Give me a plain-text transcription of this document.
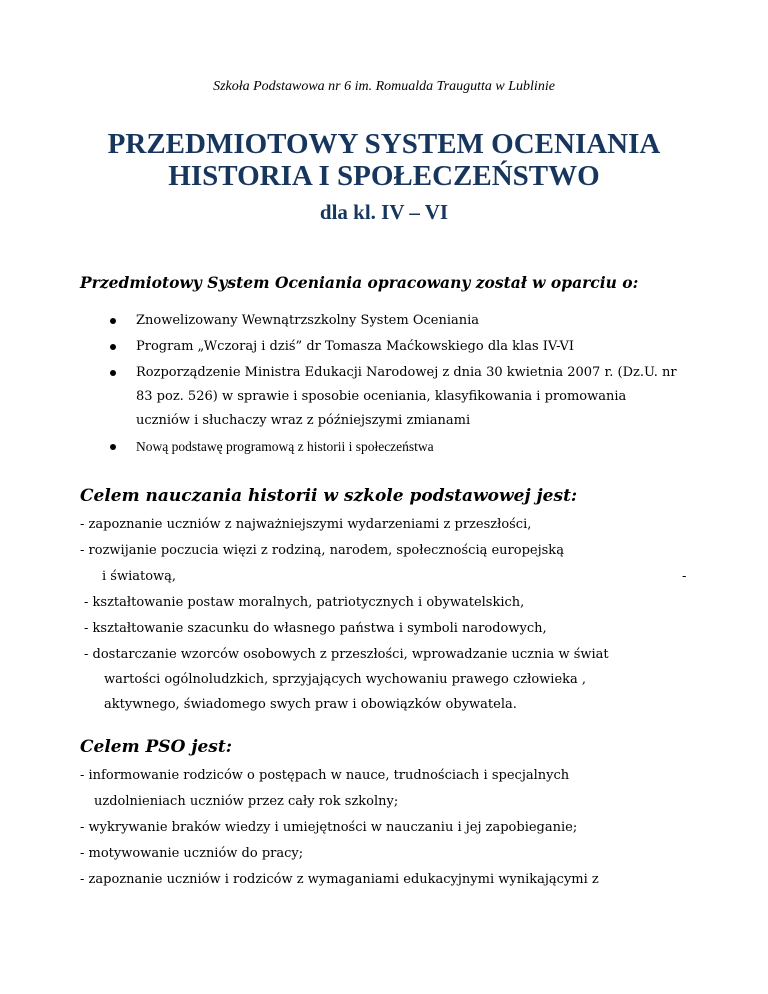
Szkoła Podstawowa nr 6 im. Romualda Traugutta w Lublinie
PRZEDMIOTOWY SYSTEM OCENIANIA
HISTORIA I SPOŁECZEŃSTWO
dla kl. IV – VI
Przedmiotowy System Oceniania opracowany został w oparciu o:
Znowelizowany Wewnątrzszkolny System Oceniania
Program „Wczoraj i dziś” dr Tomasza Maćkowskiego dla klas IV-VI
Rozporządzenie Ministra Edukacji Narodowej z dnia 30 kwietnia 2007 r. (Dz.U. nr
83 poz. 526) w sprawie i sposobie oceniania, klasyfikowania i promowania
uczniów i słuchaczy wraz z późniejszymi zmianami
Nową podstawę programową z historii i społeczeństwa
Celem nauczania historii w szkole podstawowej jest:
- zapoznanie uczniów z najważniejszymi wydarzeniami z przeszłości,
- rozwijanie poczucia więzi z rodziną, narodem, społecznością europejską
i światową,	-
- kształtowanie postaw moralnych, patriotycznych i obywatelskich,
- kształtowanie szacunku do własnego państwa i symboli narodowych,
- dostarczanie wzorców osobowych z przeszłości, wprowadzanie ucznia w świat
wartości ogólnoludzkich, sprzyjających wychowaniu prawego człowieka ,
aktywnego, świadomego swych praw i obowiązków obywatela.
Celem PSO jest:
- informowanie rodziców o postępach w nauce, trudnościach i specjalnych
uzdolnieniach uczniów przez cały rok szkolny;
- wykrywanie braków wiedzy i umiejętności w nauczaniu i jej zapobieganie;
- motywowanie uczniów do pracy;
- zapoznanie uczniów i rodziców z wymaganiami edukacyjnymi wynikającymi z
